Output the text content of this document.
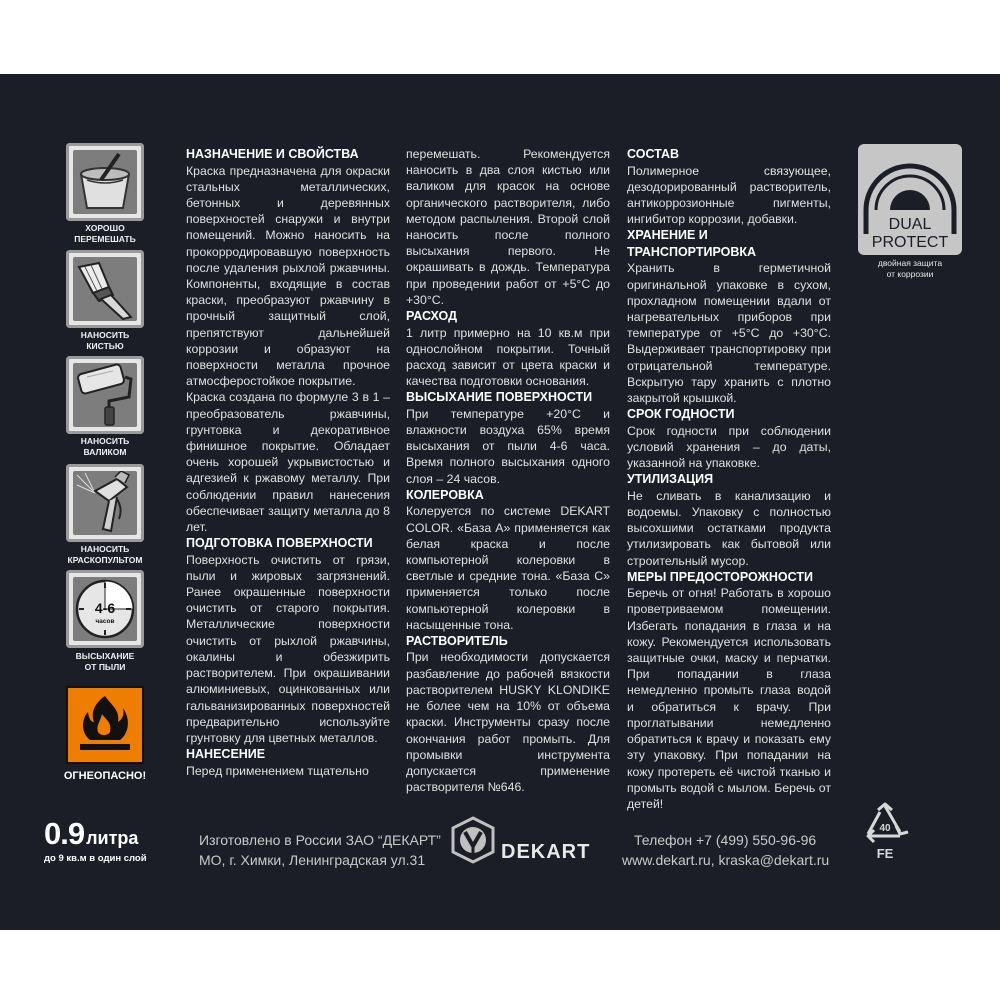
ХОРОШО
ПЕРЕМЕШАТЬ
НАНОСИТЬ
КИСТЬЮ
НАНОСИТЬ
ВАЛИКОМ
НАНОСИТЬ
КРАСКОПУЛЬТОМ
4-6
часов
ВЫСЫХАНИЕ
ОТ ПЫЛИ
ОГНЕОПАСНО!
НАЗНАЧЕНИЕ И СВОЙСТВА

Краска предназначена для окраски стальных металлических, бетонных и деревянных поверхностей снаружи и внутри помещений. Можно наносить на прокорродировавшую поверхность после удаления рыхлой ржавчины. Компоненты, входящие в состав краски, преобразуют ржавчину в прочный защитный слой, препятствуют дальнейшей коррозии и образуют на поверхности металла прочное атмосферостойкое покрытие.

Краска создана по формуле 3 в 1 – преобразователь ржавчины, грунтовка и декоративное финишное покрытие. Обладает очень хорошей укрывистостью и адгезией к ржавому металлу. При соблюдении правил нанесения обеспечивает защиту металла до 8 лет.

ПОДГОТОВКА ПОВЕРХНОСТИ

Поверхность очистить от грязи, пыли и жировых загрязнений. Ранее окрашенные поверхности очистить от старого покрытия. Металлические поверхности очистить от рыхлой ржавчины, окалины и обезжирить растворителем. При окрашивании алюминиевых, оцинкованных или гальванизированных поверхностей предварительно используйте грунтовку для цветных металлов.

НАНЕСЕНИЕ

Перед применением тщательно

перемешать. Рекомендуется наносить в два слоя кистью или валиком для красок на основе органического растворителя, либо методом распыления. Второй слой наносить после полного высыхания первого. Не окрашивать в дождь. Температура при проведении работ от +5°С до +30°С.

РАСХОД

1 литр примерно на 10 кв.м при однослойном покрытии. Точный расход зависит от цвета краски и качества подготовки основания.

ВЫСЫХАНИЕ ПОВЕРХНОСТИ

При температуре +20°С и влажности воздуха 65% время высыхания от пыли 4-6 часа. Время полного высыхания одного слоя – 24 часов.

КОЛЕРОВКА

Колеруется по системе DEKART COLOR. «База А» применяется как белая краска и после компьютерной колеровки в светлые и средние тона. «База С» применяется только после компьютерной колеровки в насыщенные тона.

РАСТВОРИТЕЛЬ

При необходимости допускается разбавление до рабочей вязкости растворителем HUSKY KLONDIKE не более чем на 10% от объема краски. Инструменты сразу после окончания работ промыть. Для промывки инструмента допускается применение растворителя №646.

СОСТАВ

Полимерное связующее, дезодорированный растворитель, антикоррозионные пигменты, ингибитор коррозии, добавки.

ХРАНЕНИЕ И ТРАНСПОРТИРОВКА

Хранить в герметичной оригинальной упаковке в сухом, прохладном помещении вдали от нагревательных приборов при температуре от +5°С до +30°С. Выдерживает транспортировку при отрицательной температуре. Вскрытую тару хранить с плотно закрытой крышкой.

СРОК ГОДНОСТИ

Срок годности при соблюдении условий хранения – до даты, указанной на упаковке.

УТИЛИЗАЦИЯ

Не сливать в канализацию и водоемы. Упаковку с полностью высохшими остатками продукта утилизировать как бытовой или строительный мусор.

МЕРЫ ПРЕДОСТОРОЖНОСТИ

Беречь от огня! Работать в хорошо проветриваемом помещении. Избегать попадания в глаза и на кожу. Рекомендуется использовать защитные очки, маску и перчатки. При попадании в глаза немедленно промыть глаза водой и обратиться к врачу. При проглатывании немедленно обратиться к врачу и показать ему эту упаковку. При попадании на кожу протереть её чистой тканью и промыть водой с мылом. Беречь от детей!

DUAL
PROTECT
двойная защита
от коррозии
0.9 литра
до 9 кв.м в один слой
Изготовлено в России ЗАО “ДЕКАРТ”
МО, г. Химки, Ленинградская ул.31	DEKART
Телефон +7 (499) 550-96-96
www.dekart.ru, kraska@dekart.ru
40
FE
